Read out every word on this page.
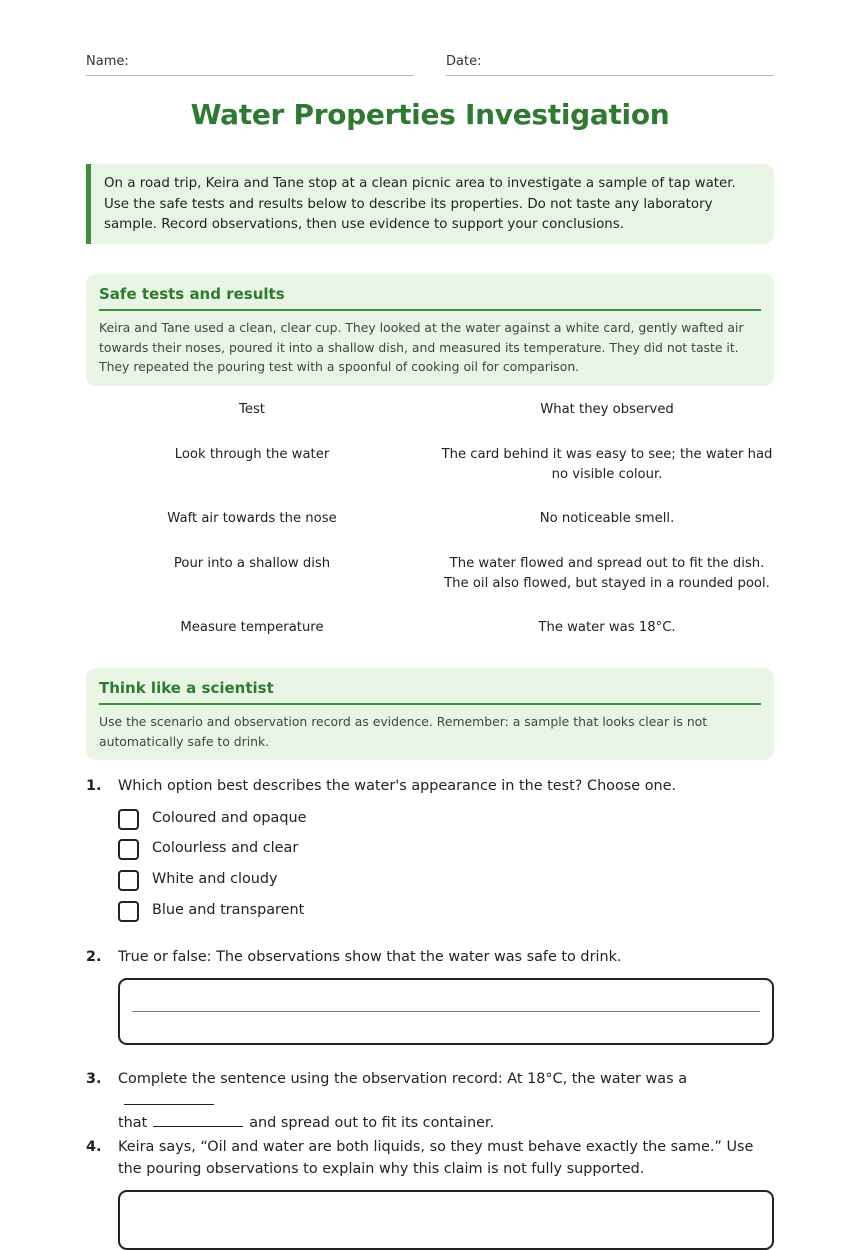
Name:	Date:
Water Properties Investigation
On a road trip, Keira and Tane stop at a clean picnic area to investigate a sample of tap water. Use the safe tests and results below to describe its properties. Do not taste any laboratory sample. Record observations, then use evidence to support your conclusions.
Safe tests and results

Keira and Tane used a clean, clear cup. They looked at the water against a white card, gently wafted air towards their noses, poured it into a shallow dish, and measured its temperature. They did not taste it. They repeated the pouring test with a spoonful of cooking oil for comparison.

Test	What they observed
Look through the water	The card behind it was easy to see; the water had no visible colour.
Waft air towards the nose	No noticeable smell.
Pour into a shallow dish	The water flowed and spread out to fit the dish. The oil also flowed, but stayed in a rounded pool.
Measure temperature	The water was 18°C.
Think like a scientist

Use the scenario and observation record as evidence. Remember: a sample that looks clear is not automatically safe to drink.

1. Which option best describes the water's appearance in the test? Choose one.
Coloured and opaque
Colourless and clear
White and cloudy
Blue and transparent
2. True or false: The observations show that the water was safe to drink.
3. Complete the sentence using the observation record: At 18°C, the water was a
that	and spread out to fit its container.
4. Keira says, “Oil and water are both liquids, so they must behave exactly the same.” Use the pouring observations to explain why this claim is not fully supported.
